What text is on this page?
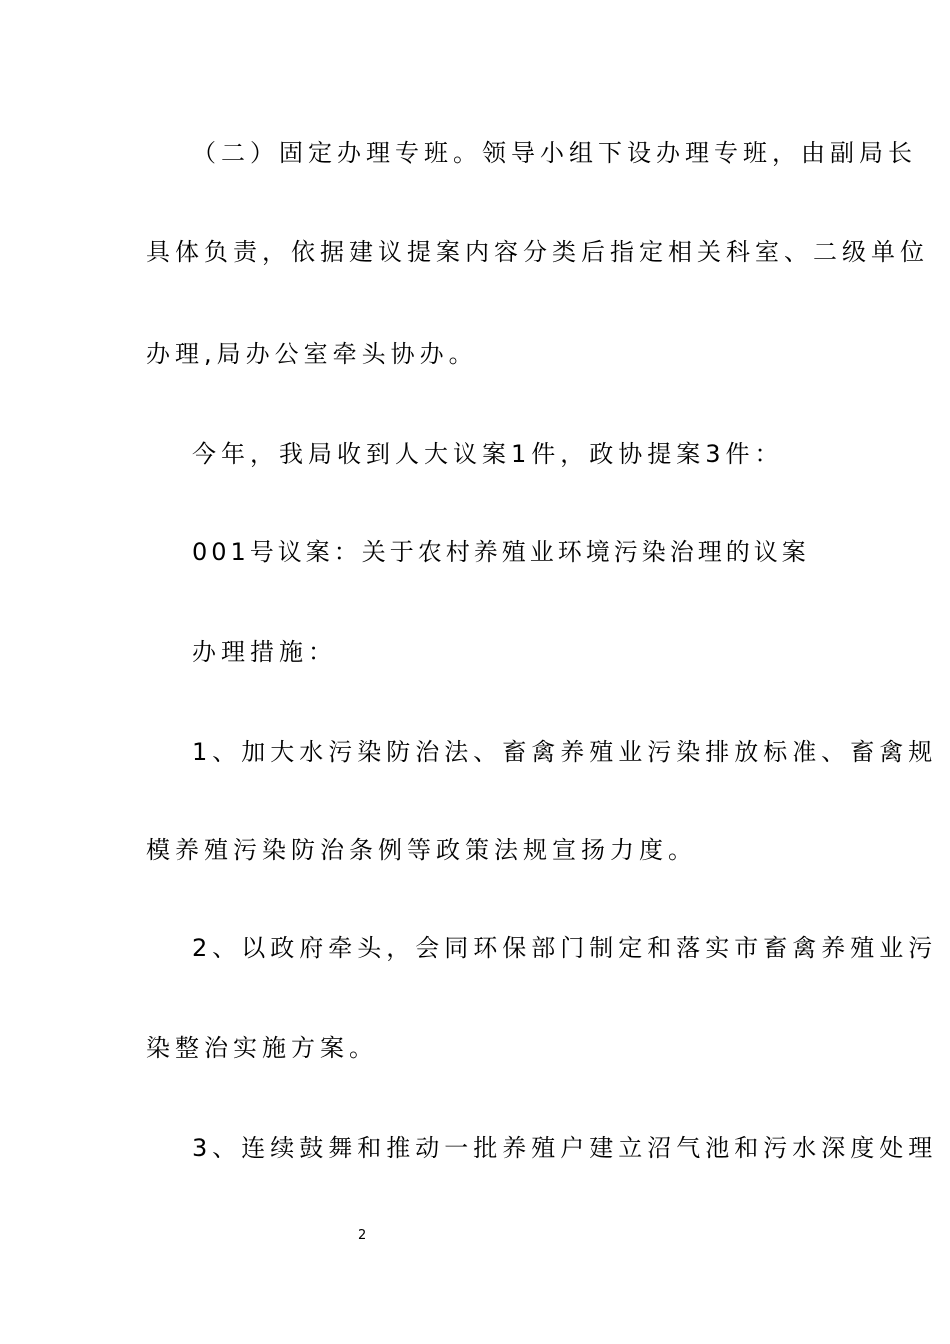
（二）固定办理专班。领导小组下设办理专班，由副局长
具体负责，依据建议提案内容分类后指定相关科室、二级单位
办理,局办公室牵头协办。
今年，我局收到人大议案1件，政协提案3件：
001号议案：关于农村养殖业环境污染治理的议案
办理措施：
1、加大水污染防治法、畜禽养殖业污染排放标准、畜禽规
模养殖污染防治条例等政策法规宣扬力度。
2、以政府牵头，会同环保部门制定和落实市畜禽养殖业污
染整治实施方案。
3、连续鼓舞和推动一批养殖户建立沼气池和污水深度处理
2
